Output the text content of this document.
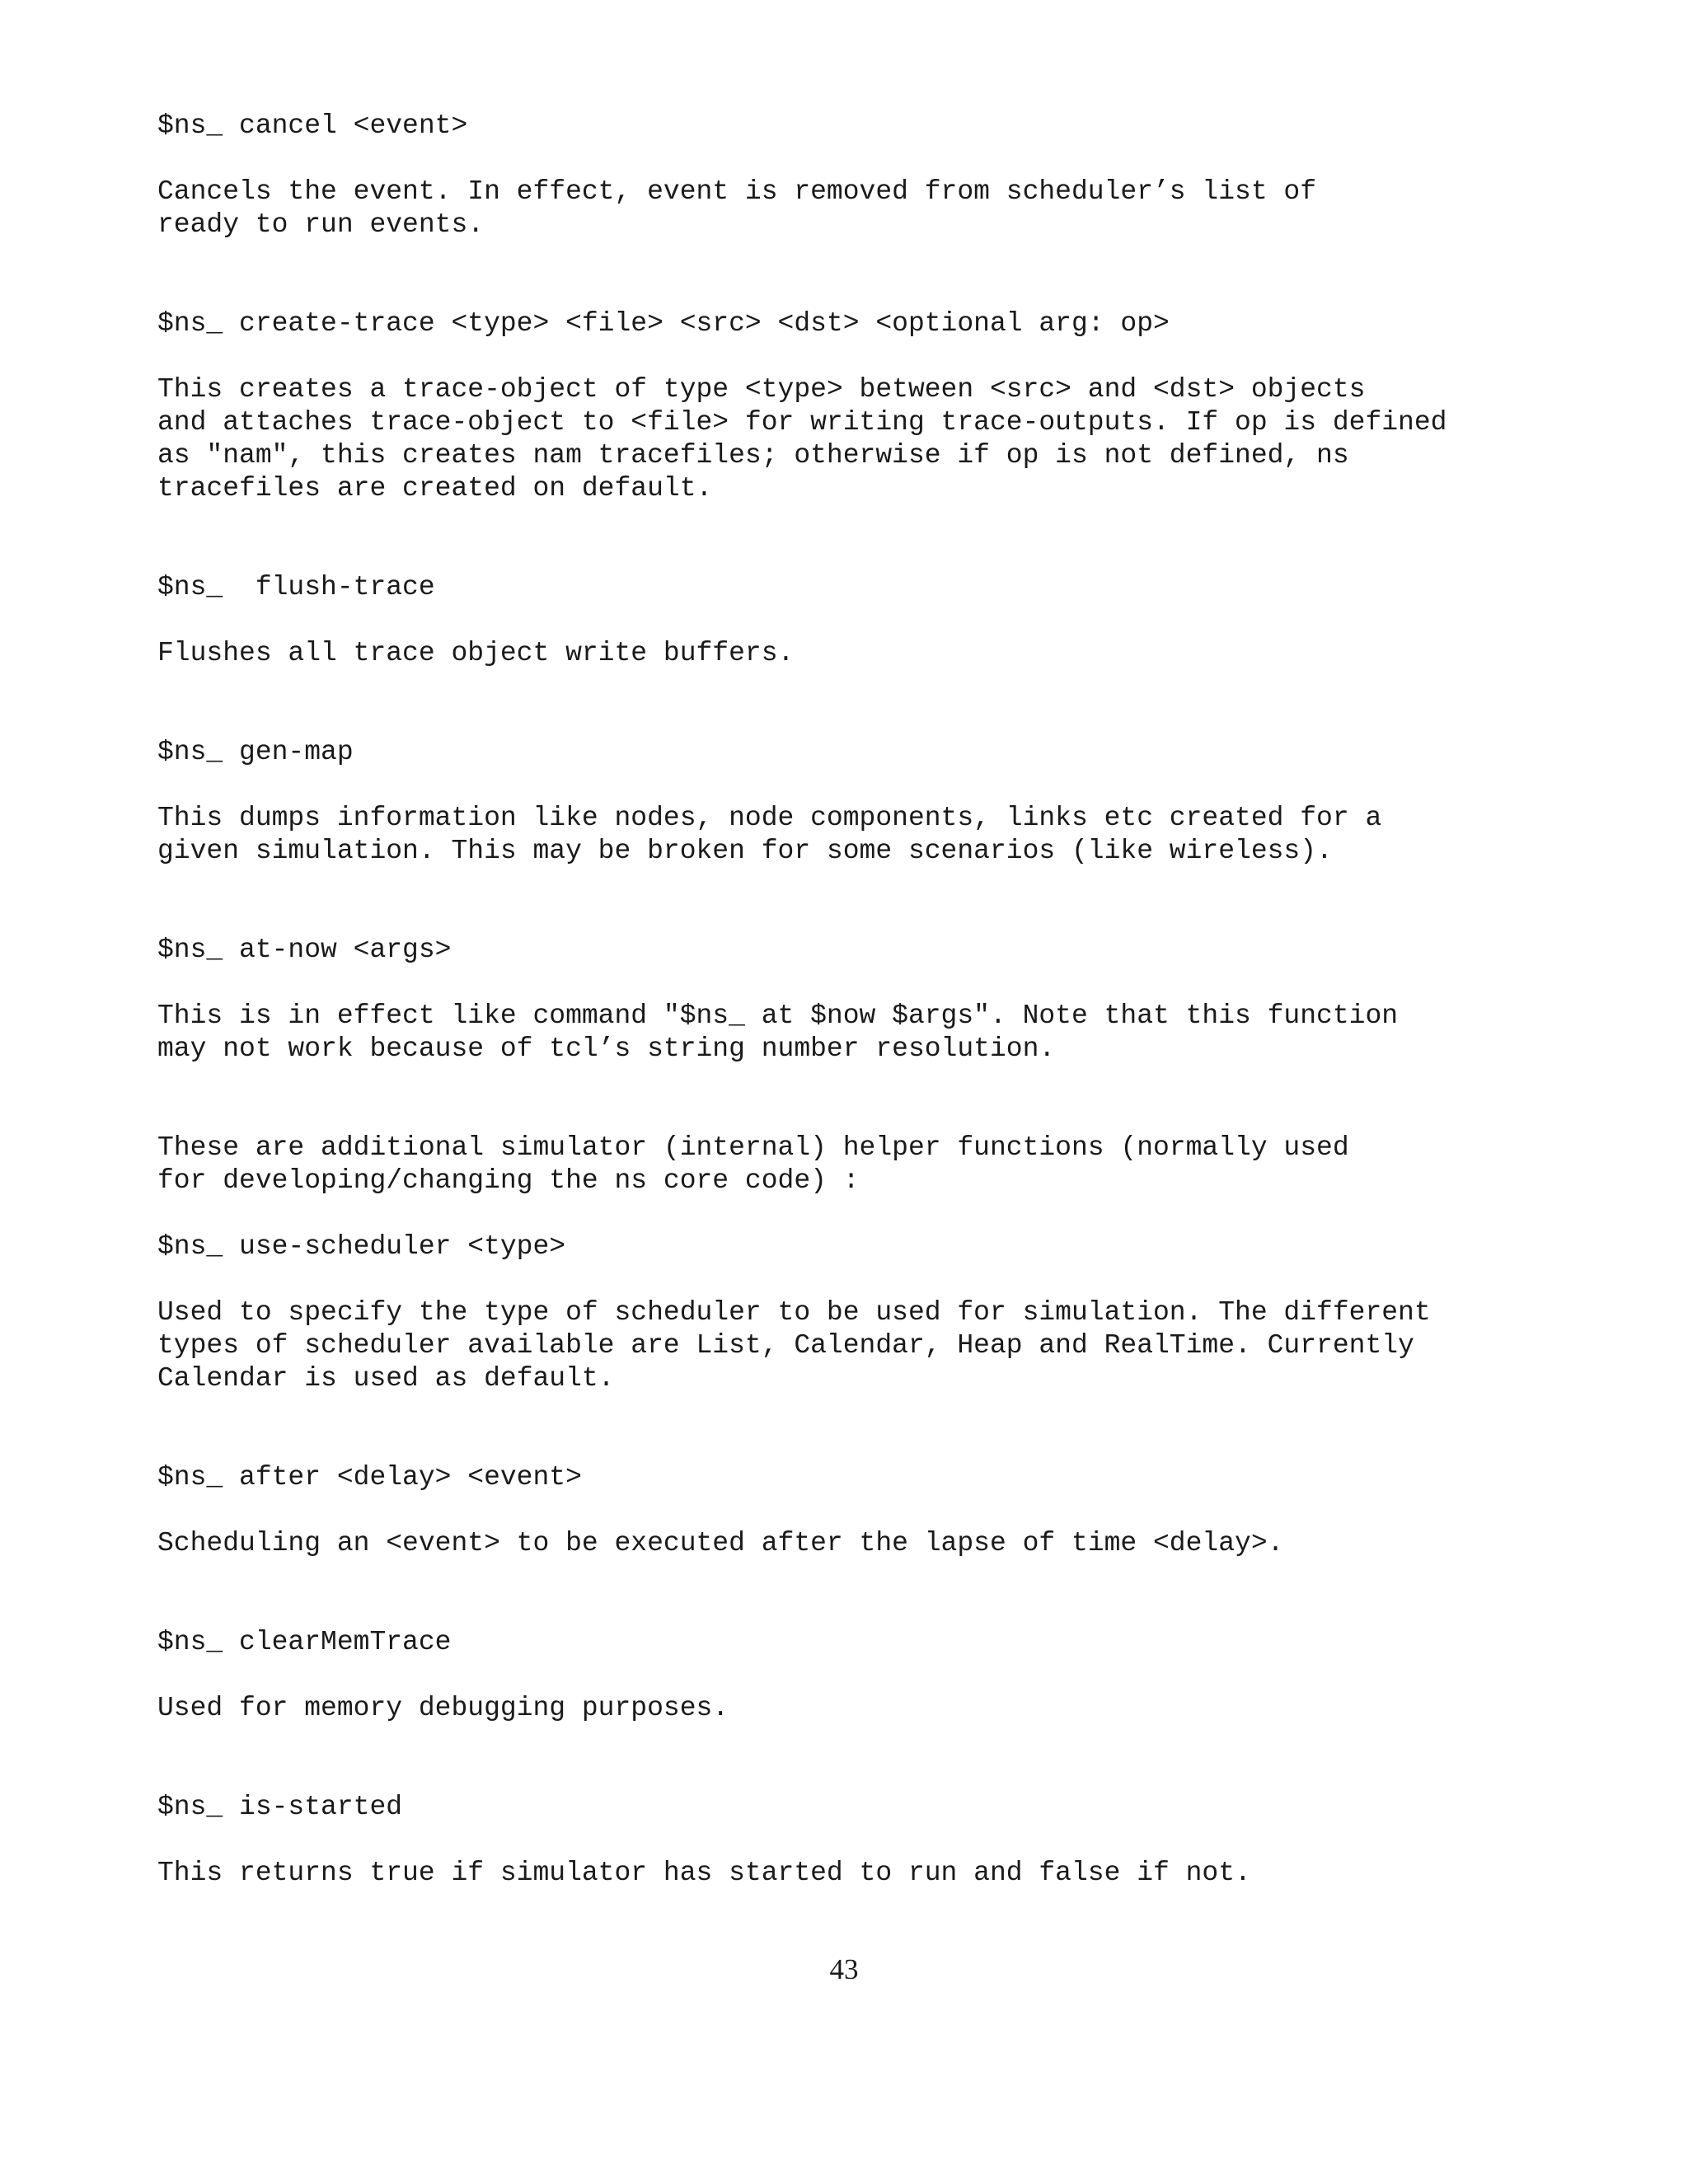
$ns_ cancel <event>

Cancels the event. In effect, event is removed from scheduler’s list of

ready to run events.

$ns_ create-trace <type> <file> <src> <dst> <optional arg: op>

This creates a trace-object of type <type> between <src> and <dst> objects

and attaches trace-object to <file> for writing trace-outputs. If op is defined

as "nam", this creates nam tracefiles; otherwise if op is not defined, ns

tracefiles are created on default.

$ns_  flush-trace

Flushes all trace object write buffers.

$ns_ gen-map

This dumps information like nodes, node components, links etc created for a

given simulation. This may be broken for some scenarios (like wireless).

$ns_ at-now <args>

This is in effect like command "$ns_ at $now $args". Note that this function

may not work because of tcl’s string number resolution.

These are additional simulator (internal) helper functions (normally used

for developing/changing the ns core code) :

$ns_ use-scheduler <type>

Used to specify the type of scheduler to be used for simulation. The different

types of scheduler available are List, Calendar, Heap and RealTime. Currently

Calendar is used as default.

$ns_ after <delay> <event>

Scheduling an <event> to be executed after the lapse of time <delay>.

$ns_ clearMemTrace

Used for memory debugging purposes.

$ns_ is-started

This returns true if simulator has started to run and false if not.

43
